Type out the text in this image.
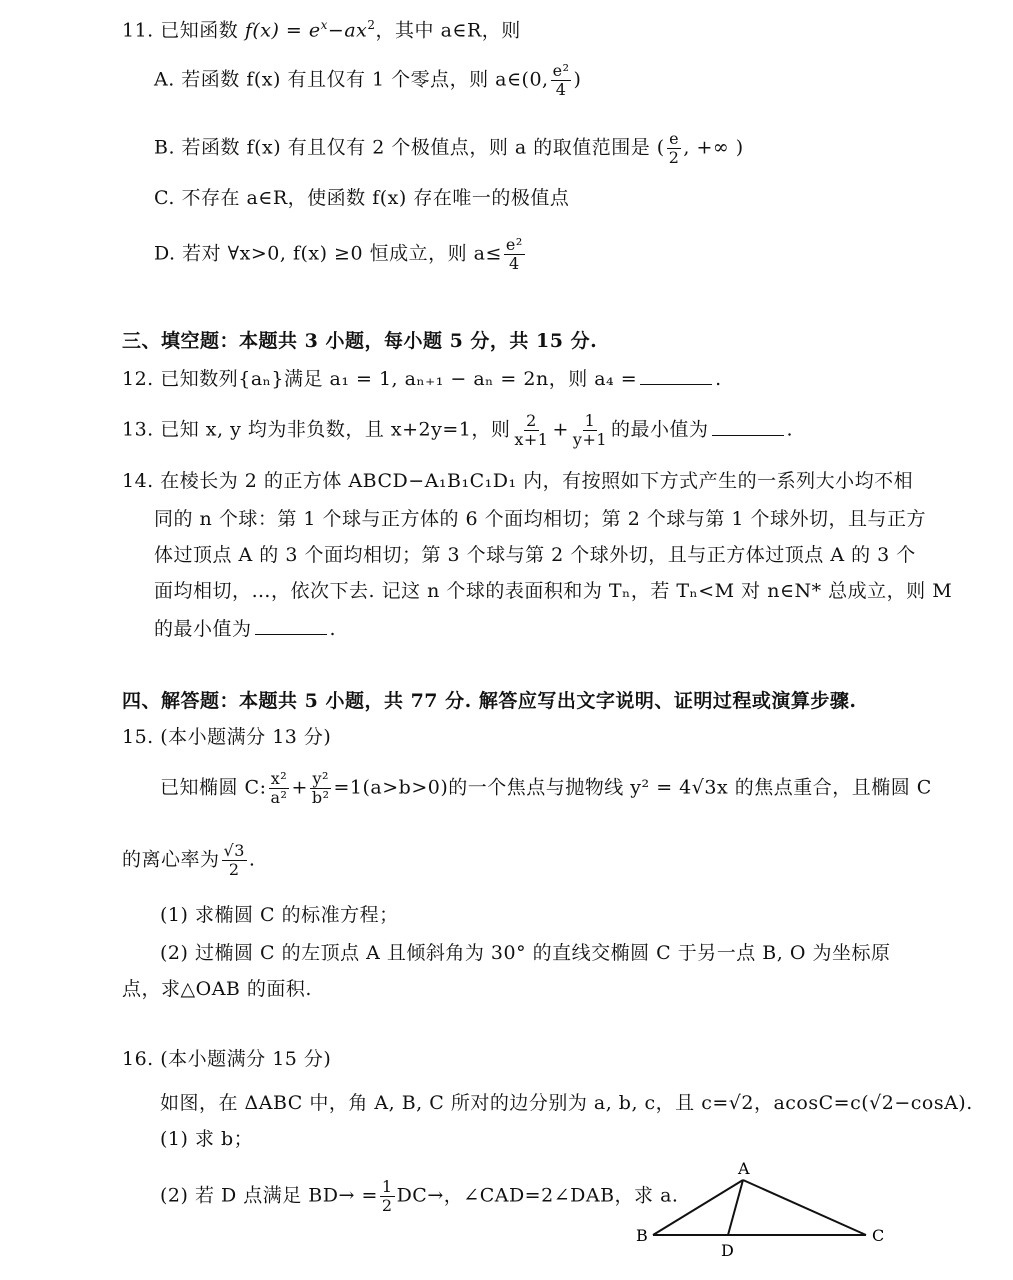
11. 已知函数 $f(x) = e^x-ax^2$，其中 a∈R，则
A. 若函数 f(x) 有且仅有 1 个零点，则 a∈(0, $\frac{\text{e²}}{4}$ )
B. 若函数 f(x) 有且仅有 2 个极值点，则 a 的取值范围是 ( $\frac{e}{2}$ , +∞ )
C. 不存在 a∈R，使函数 f(x) 存在唯一的极值点
D. 若对 ∀x>0, f(x) ≥0 恒成立，则 $a\le \frac{\text{e²}}{4}$
三、填空题：本题共 3 小题，每小题 5 分，共 15 分.
12. 已知数列{aₙ}满足 a₁ = 1, aₙ₊₁ − aₙ = 2n，则 a₄ =	.
13. 已知 x, y 均为非负数，且 x+2y=1，则 $\frac{2}{x+1} + \frac{1}{y+1}$ 的最小值为	.
14. 在棱长为 2 的正方体 ABCD−A₁B₁C₁D₁ 内，有按照如下方式产生的一系列大小均不相
同的 n 个球：第 1 个球与正方体的 6 个面均相切；第 2 个球与第 1 个球外切，且与正方
体过顶点 A 的 3 个面均相切；第 3 个球与第 2 个球外切，且与正方体过顶点 A 的 3 个
面均相切，…，依次下去. 记这 n 个球的表面积和为 Tₙ，若 Tₙ<M 对 n∈N* 总成立，则 M
的最小值为	.
四、解答题：本题共 5 小题，共 77 分. 解答应写出文字说明、证明过程或演算步骤.
15. (本小题满分 13 分)
已知椭圆 C: $\frac{\text{x²}}{\text{a²}} + \frac{\text{y²}}{\text{b²}} =1(a>b>0)$的一个焦点与抛物线 y² = 4√3x 的焦点重合，且椭圆 C
的离心率为 $\frac{√3}{2}$ .
(1) 求椭圆 C 的标准方程；
(2) 过椭圆 C 的左顶点 A 且倾斜角为 30° 的直线交椭圆 C 于另一点 B, O 为坐标原
点，求△OAB 的面积.
16. (本小题满分 15 分)
如图，在 ΔABC 中，角 A, B, C 所对的边分别为 a, b, c，且 c=√2，acosC=c(√2−cosA).
(1) 求 b；
(2) 若 D 点满足 $BD\to = \frac{1}{2} DC\to$，∠CAD=2∠DAB，求 a.
A
B	C
D
